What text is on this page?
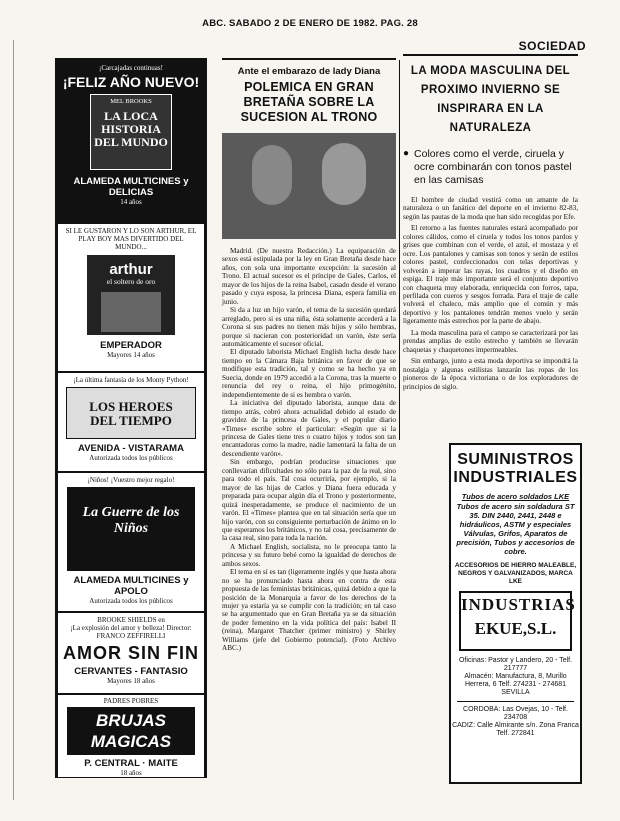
ABC. SABADO 2 DE ENERO DE 1982. PAG. 28
SOCIEDAD
¡Carcajadas continuas!
¡FELIZ AÑO NUEVO!
MEL BROOKS
LA LOCA HISTORIA DEL MUNDO
ALAMEDA MULTICINES y DELICIAS
14 años
SI LE GUSTARON Y LO SON ARTHUR, EL PLAY BOY MAS DIVERTIDO DEL MUNDO...
arthur
el soltero de oro
EMPERADOR
Mayores 14 años
¡La última fantasía de los Monty Python!
LOS HEROES
DEL TIEMPO
AVENIDA - VISTARAMA
Autorizada todos los públicos
¡Niños! ¡Vuestro mejor regalo!
La Guerre de los Niños
ALAMEDA MULTICINES y APOLO
Autorizada todos los públicos
BROOKE SHIELDS en
¡La explosión del amor y belleza! Director: FRANCO ZEFFIRELLI
AMOR SIN FIN
CERVANTES - FANTASIO
Mayores 18 años
PADRES POBRES
BRUJAS
MAGICAS
P. CENTRAL · MAITE
18 años
Ante el embarazo de lady Diana
POLEMICA EN GRAN BRETAÑA SOBRE LA SUCESION AL TRONO

Madrid. (De nuestra Redacción.) La equiparación de sexos está estipulada por la ley en Gran Bretaña desde hace años, con sola una importante excepción: la sucesión al Trono. El actual sucesor es el príncipe de Gales, Carlos, el mayor de los hijos de la reina Isabel, casado desde el verano pasado y cuya esposa, la princesa Diana, espera familia en junio.

Si da a luz un hijo varón, el tema de la sucesión quedará arreglado, pero si es una niña, ésta solamente accederá a la Corona si sus padres no tienen más hijos y sólo hembras, porque si nacieran con posterioridad un varón, éste sería automáticamente el sucesor oficial.

El diputado laborista Michael English lucha desde hace tiempo en la Cámara Baja británica en favor de que se modifique esta tradición, tal y como se ha hecho ya en Suecia, donde en 1979 accedió a la Corona, tras la muerte o renuncia del rey o reina, el hijo primogénito, independientemente de si es hembra o varón.

La iniciativa del diputado laborista, aunque data de tiempo atrás, cobró ahora actualidad debido al estado de gravidez de la princesa de Gales, y el popular diario «Times» escribe sobre el particular: «Según que si la princesa de Gales tiene tres o cuatro hijos y todos son tan encantadoras como la madre, nadie lamentará la falta de un descendiente varón».

Sin embargo, podrían producirse situaciones que conllevarían dificultades no sólo para la paz de la real, sino para todo el país. Tal cosa ocurriría, por ejemplo, si la mayor de las hijas de Carlos y Diana fuera educada y preparada para ocupar algún día el Trono y posteriormente, quizá inesperadamente, se produce el nacimiento de un varón. El «Times» plantea que en tal situación sería que un hijo varón, con su consiguiente perturbación de ánimo en lo que esperamos los británicos, y no tal cosa, precisamente de la casa real, sino para toda la nación.

A Michael English, socialista, no le preocupa tanto la princesa y su futuro bebé como la igualdad de derechos de ambos sexos.

El tema en sí es tan (ligeramente inglés y que hasta ahora no se ha pronunciado hasta ahora en contra de esta propuesta de las feministas británicas, quizá debido a que la posición de la Monarquía a favor de los derechos de la mujer ya estaría ya se cumplir con la tradición; en tal caso se ha argumentado que en Gran Bretaña ya se da situación de poder femenino en la vida política del país: Isabel II (reina), Margaret Thatcher (primer ministro) y Shirley Williams (jefe del Gobierno potencial). (Foto Archivo ABC.)

LA MODA MASCULINA DEL PROXIMO INVIERNO SE INSPIRARA EN LA NATURALEZA
● Colores como el verde, ciruela y ocre combinarán con tonos pastel en las camisas

El hombre de ciudad vestirá como un amante de la naturaleza o un fanático del deporte en el invierno 82-83, según las pautas de la moda que han sido recogidas por Efe.

El retorno a las fuentes naturales estará acompañado por colores cálidos, como el ciruela y todos los tonos pardos y grises que combinan con el verde, el azul, el mostaza y el ocre. Los pantalones y camisas son tonos y serán de estilos colores pastel, confeccionados con telas deportivas y volverán a imperar las rayas, los cuadros y el diseño en espiga. El traje más importante será el conjunto deportivo con chaqueta muy elaborada, enriquecida con forros, tapa, perfilada con cueros y sesgos forrada. Para el traje de calle volverá el chaleco, más amplio que el común y más deportivo y los pantalones tendrán menos vuelo y serán ligeramente más estrechos por la parte de abajo.

La moda masculina para el campo se caracterizará por las prendas amplias de estilo estrecho y también se llevarán chaquetas y chaquetones impermeables.

Sin embargo, junto a esta moda deportiva se impondrá la nostalgia y algunas estilistas lanzarán las ropas de los pioneros de la época victoriana o de los exploradores de principios de siglo.

SUMINISTROS INDUSTRIALES
Tubos de acero soldados LKE
Tubos de acero sin soldadura ST 35. DIN 2440, 2441, 2448 e hidráulicos, ASTM y especiales Válvulas, Grifos, Aparatos de precisión, Tubos y accesorios de cobre.
ACCESORIOS DE HIERRO MALEABLE, NEGROS Y GALVANIZADOS, MARCA LKE
INDUSTRIAS
EKUE,S.L.
Oficinas: Pastor y Landero, 20 - Telf. 217777
Almacén: Manufactura, 8, Murillo Herrera, 6 Telf. 274231 - 274681 SEVILLA
CORDOBA: Las Ovejas, 10 - Telf. 234708
CADIZ: Calle Almirante s/n. Zona Franca Telf. 272841
